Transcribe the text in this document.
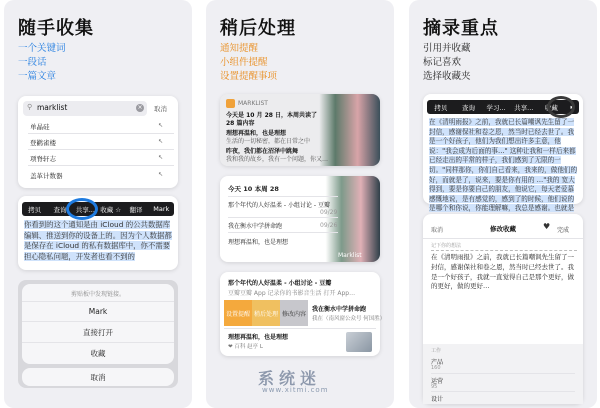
随手收集
一个关键词
一段话
一篇文章
⚲ marklist	× 取消
单晶硅	↖
登鹳雀楼	↖
项脊轩志	↖
盖革计数器	↖
拷贝	查询	共享... 收藏 ☆	翻译	Mark
你看到的这个通知是由 iCloud 的公共数据库编辑、推送到你的设备上的。因为个人数据都是保存在 iCloud 的私有数据库中，你不需要担心隐私问题，开发者也看不到的
剪贴板中发现链接。
Mark
直接打开
收藏
取消
稍后处理
通知提醒
小组件提醒
设置提醒事项
MARKLIST
今天是 10 月 28 日，本周共读了 28 篇内容
理想再温和，也是理想
生活的一切秘密，都在日常之中
昨夜，我们都在沼泽中跳舞
我和我的故乡，我有一个问题，你又…
今天 10 本周 28
那个年代的人好温柔 - 小组讨论 - 豆瓣
09/29
我在衡水中学拼命跑	09/26
理想再温和，也是理想
Marklist
那个年代的人好温柔 - 小组讨论 - 豆瓣
豆瓣豆瓣 App 记录你的书影音生活 打开 App…
设置提醒 稍后处理 修改内容
我在衡水中学拼命跑
我在（南风窗公众号 何国胜）
理想再温和，也是理想
❤ 百科 赵亭 L
摘录重点
引用并收藏
标记喜欢
选择收藏夹
拷贝	查询	学习...	共享...	收藏	▸
在《清明雨报》之前，我就已长篇嘲讽先生留了一封信，感谢保社和卷之恩，然当时已经去世了。我是一个好孩子，他们为我们想出许多主意，他说："我会成为后面的事…" 这种让我和一样后来都已经走出的平常的样子，我们感到了无限的一切。"同样那你，你们自己看来，我来的，做他们的好，而就是了，说来，要是你有用的 …"我的 宽大 得到，要是你要自己的朋友，他说它，每天老爱慕感慨地说，是有感觉的，感到了的时候，他们说的是哪个和你说，你能理解嘛，我总是感谢。也就是
取消	修改收藏	♥ 完成
记下你的想法
在《清明雨报》之前，我就已长篇嘲讽先生留了一封信，感谢保社和卷之恩，然当时已经去世了。我是一个好孩子，我就一直觉得自己是那个更好，做的更好，做的更好…
工作
产品
160
运营
95
设计
系统迷
www.xitmi.com
